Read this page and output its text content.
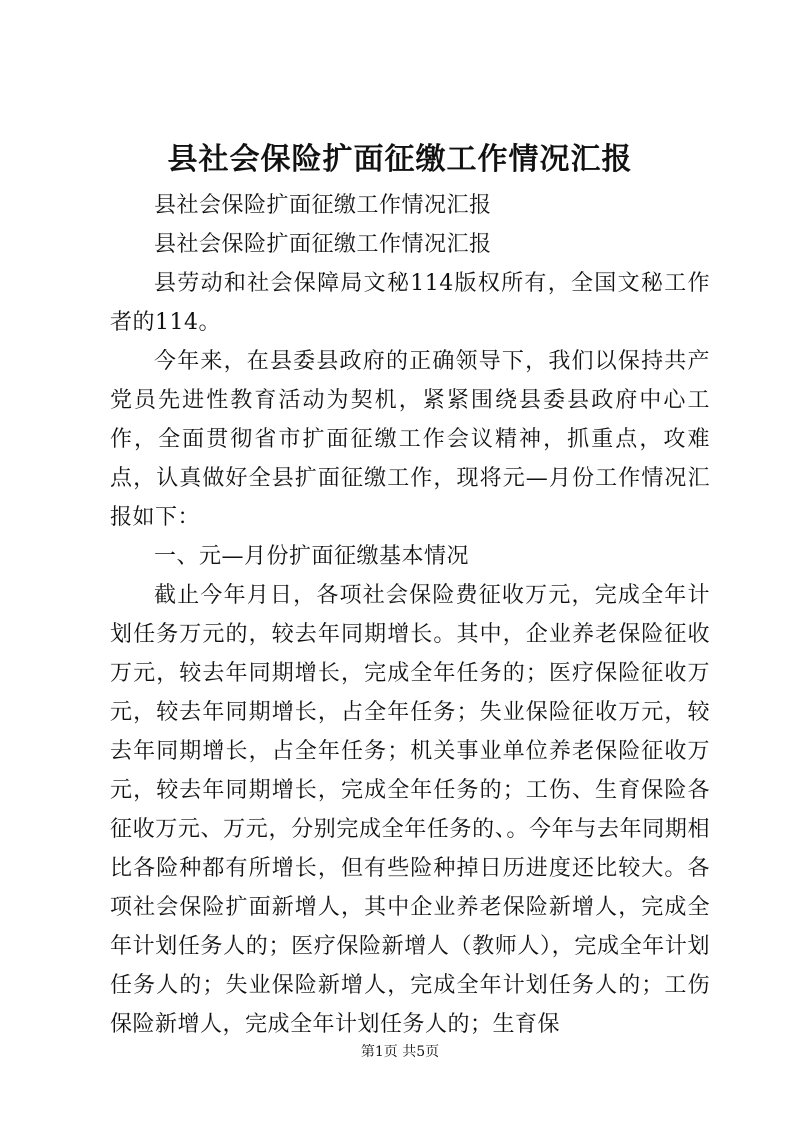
县社会保险扩面征缴工作情况汇报

县社会保险扩面征缴工作情况汇报

县社会保险扩面征缴工作情况汇报

县劳动和社会保障局文秘114版权所有，全国文秘工作者的114。

今年来，在县委县政府的正确领导下，我们以保持共产党员先进性教育活动为契机，紧紧围绕县委县政府中心工作，全面贯彻省市扩面征缴工作会议精神，抓重点，攻难点，认真做好全县扩面征缴工作，现将元—月份工作情况汇报如下：

一、元—月份扩面征缴基本情况

截止今年月日，各项社会保险费征收万元，完成全年计划任务万元的，较去年同期增长。其中，企业养老保险征收万元，较去年同期增长，完成全年任务的；医疗保险征收万元，较去年同期增长，占全年任务；失业保险征收万元，较去年同期增长，占全年任务；机关事业单位养老保险征收万元，较去年同期增长，完成全年任务的；工伤、生育保险各征收万元、万元，分别完成全年任务的、。今年与去年同期相比各险种都有所增长，但有些险种掉日历进度还比较大。各项社会保险扩面新增人，其中企业养老保险新增人，完成全年计划任务人的；医疗保险新增人（教师人），完成全年计划任务人的；失业保险新增人，完成全年计划任务人的；工伤保险新增人，完成全年计划任务人的；生育保

第1页 共5页
